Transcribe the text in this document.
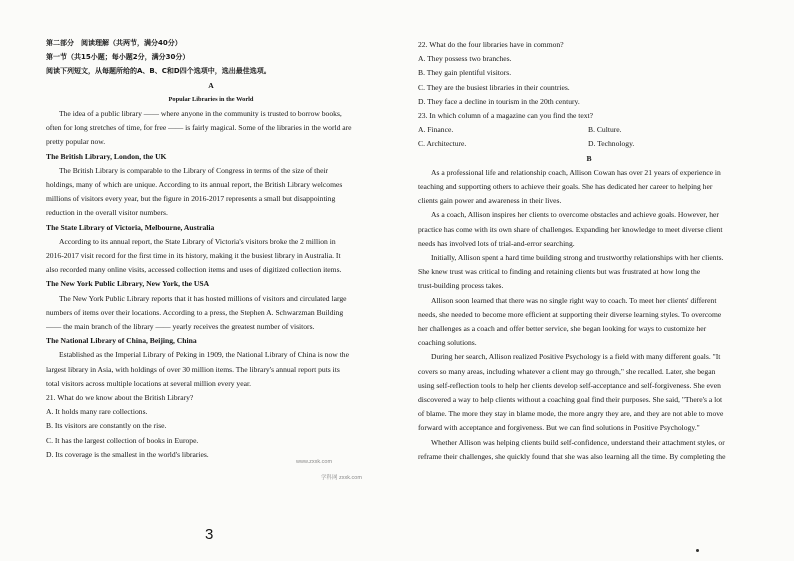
第二部分　阅读理解（共两节，满分40分）
第一节（共15小题；每小题2分，满分30分）
阅读下列短文，从每题所给的A、B、C和D四个选项中，选出最佳选项。
A
Popular Libraries in the World
The idea of a public library —— where anyone in the community is trusted to borrow books,
often for long stretches of time, for free —— is fairly magical. Some of the libraries in the world are
pretty popular now.
The British Library, London, the UK
The British Library is comparable to the Library of Congress in terms of the size of their
holdings, many of which are unique. According to its annual report, the British Library welcomes
millions of visitors every year, but the figure in 2016-2017 represents a small but disappointing
reduction in the overall visitor numbers.
The State Library of Victoria, Melbourne, Australia
According to its annual report, the State Library of Victoria's visitors broke the 2 million in
2016-2017 visit record for the first time in its history, making it the busiest library in Australia. It
also recorded many online visits, accessed collection items and uses of digitized collection items.
The New York Public Library, New York, the USA
The New York Public Library reports that it has hosted millions of visitors and circulated large
numbers of items over their locations. According to a press, the Stephen A. Schwarzman Building
—— the main branch of the library —— yearly receives the greatest number of visitors.
The National Library of China, Beijing, China
Established as the Imperial Library of Peking in 1909, the National Library of China is now the
largest library in Asia, with holdings of over 30 million items. The library's annual report puts its
total visitors across multiple locations at several million every year.
21. What do we know about the British Library?
A. It holds many rare collections.
B. Its visitors are constantly on the rise.
C. It has the largest collection of books in Europe.
D. Its coverage is the smallest in the world's libraries.
www.zxxk.com
学科网 zxxk.com
3
22. What do the four libraries have in common?
A. They possess two branches.
B. They gain plentiful visitors.
C. They are the busiest libraries in their countries.
D. They face a decline in tourism in the 20th century.
23. In which column of a magazine can you find the text?
A. Finance.	B. Culture.
C. Architecture.	D. Technology.
B
As a professional life and relationship coach, Allison Cowan has over 21 years of experience in
teaching and supporting others to achieve their goals. She has dedicated her career to helping her
clients gain power and awareness in their lives.
As a coach, Allison inspires her clients to overcome obstacles and achieve goals. However, her
practice has come with its own share of challenges. Expanding her knowledge to meet diverse client
needs has involved lots of trial-and-error searching.
Initially, Allison spent a hard time building strong and trustworthy relationships with her clients.
She knew trust was critical to finding and retaining clients but was frustrated at how long the
trust-building process takes.
Allison soon learned that there was no single right way to coach. To meet her clients' different
needs, she needed to become more efficient at supporting their diverse learning styles. To overcome
her challenges as a coach and offer better service, she began looking for ways to customize her
coaching solutions.
During her search, Allison realized Positive Psychology is a field with many different goals. "It
covers so many areas, including whatever a client may go through," she recalled. Later, she began
using self-reflection tools to help her clients develop self-acceptance and self-forgiveness. She even
discovered a way to help clients without a coaching goal find their purposes. She said, "There's a lot
of blame. The more they stay in blame mode, the more angry they are, and they are not able to move
forward with acceptance and forgiveness. But we can find solutions in Positive Psychology."
Whether Allison was helping clients build self-confidence, understand their attachment styles, or
reframe their challenges, she quickly found that she was also learning all the time. By completing the
